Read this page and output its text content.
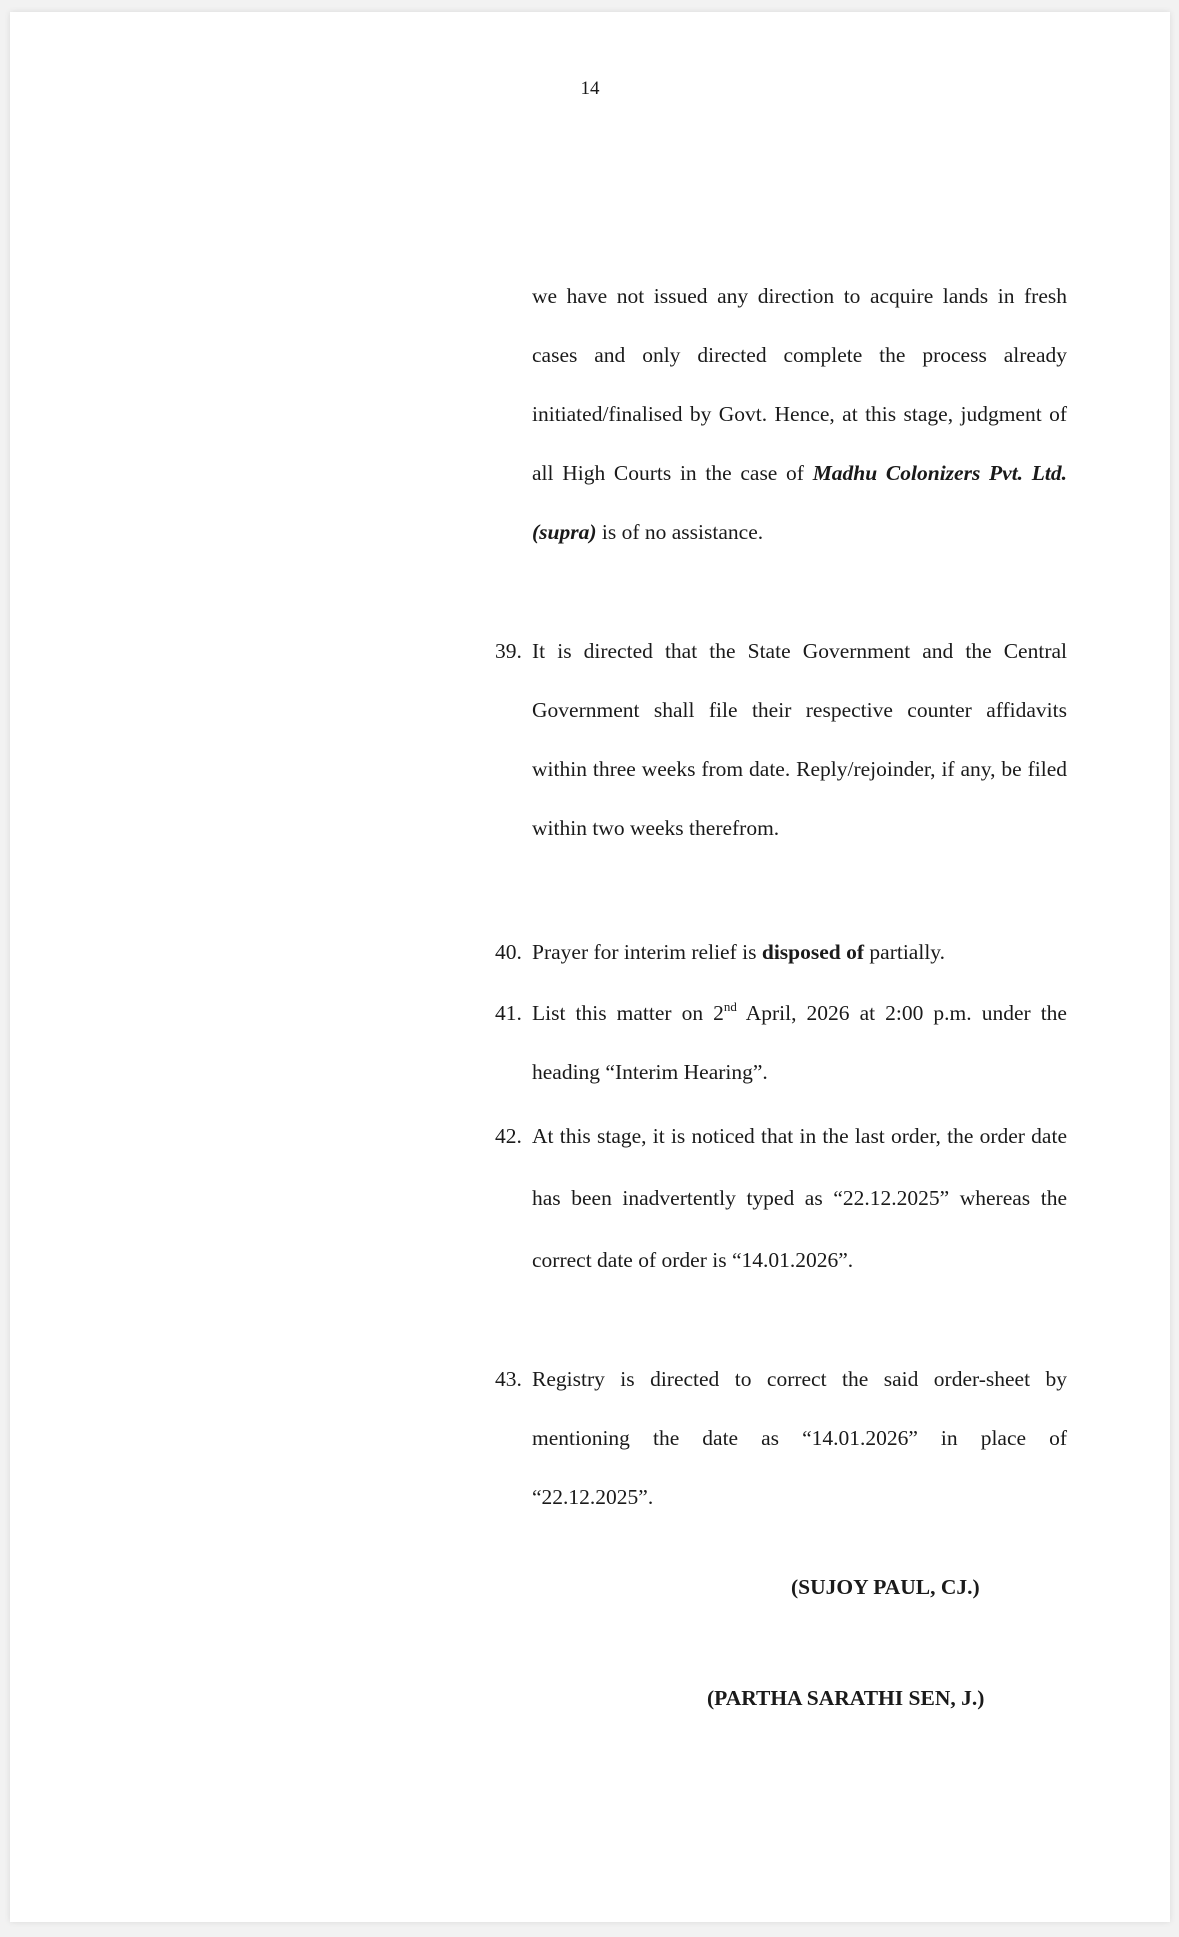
14

we have not issued any direction to acquire lands in fresh cases and only directed complete the process already initiated/finalised by Govt. Hence, at this stage, judgment of all High Courts in the case of Madhu Colonizers Pvt. Ltd. (supra) is of no assistance.

39. It is directed that the State Government and the Central Government shall file their respective counter affidavits within three weeks from date. Reply/rejoinder, if any, be filed within two weeks therefrom.

40. Prayer for interim relief is disposed of partially.

41. List this matter on 2nd April, 2026 at 2:00 p.m. under the heading “Interim Hearing”.

42. At this stage, it is noticed that in the last order, the order date has been inadvertently typed as “22.12.2025” whereas the correct date of order is “14.01.2026”.

43. Registry is directed to correct the said order-sheet by mentioning the date as “14.01.2026” in place of “22.12.2025”.

(SUJOY PAUL, CJ.)
(PARTHA SARATHI SEN, J.)
